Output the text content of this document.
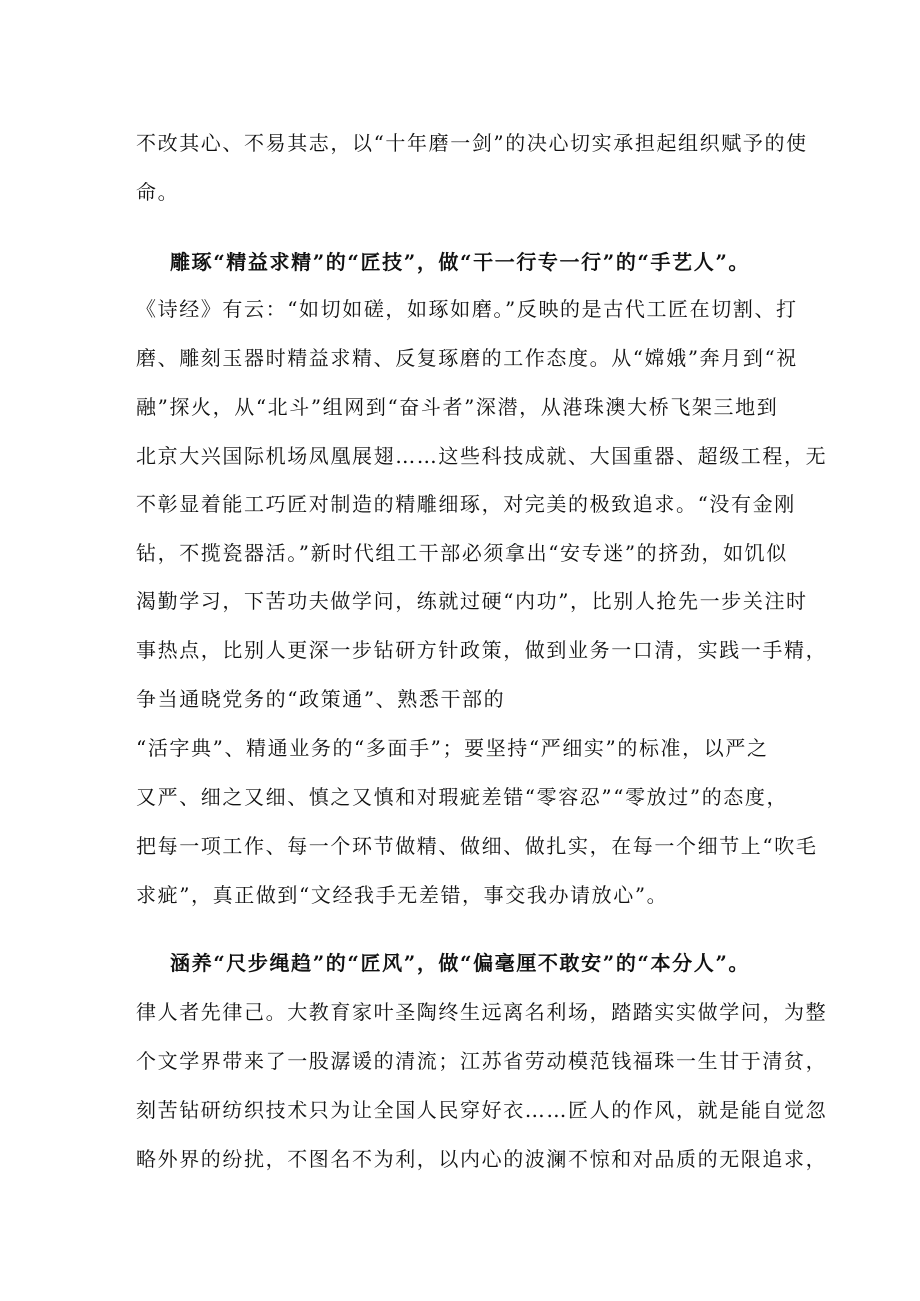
不改其心、不易其志，以“十年磨一剑”的决心切实承担起组织赋予的使
命。
雕琢“精益求精”的“匠技”，做“干一行专一行”的“手艺人”。
《诗经》有云：“如切如磋，如琢如磨。”反映的是古代工匠在切割、打
磨、雕刻玉器时精益求精、反复琢磨的工作态度。从“嫦娥”奔月到“祝
融”探火，从“北斗”组网到“奋斗者”深潜，从港珠澳大桥飞架三地到
北京大兴国际机场凤凰展翅……这些科技成就、大国重器、超级工程，无
不彰显着能工巧匠对制造的精雕细琢，对完美的极致追求。“没有金刚
钻，不揽瓷器活。”新时代组工干部必须拿出“安专迷”的挤劲，如饥似
渴勤学习，下苦功夫做学问，练就过硬“内功”，比别人抢先一步关注时
事热点，比别人更深一步钻研方针政策，做到业务一口清，实践一手精，
争当通晓党务的“政策通”、熟悉干部的
“活字典”、精通业务的“多面手”；要坚持“严细实”的标准，以严之
又严、细之又细、慎之又慎和对瑕疵差错“零容忍”“零放过”的态度，
把每一项工作、每一个环节做精、做细、做扎实，在每一个细节上“吹毛
求疵”，真正做到“文经我手无差错，事交我办请放心”。
涵养“尺步绳趋”的“匠风”，做“偏毫厘不敢安”的“本分人”。
律人者先律己。大教育家叶圣陶终生远离名利场，踏踏实实做学问，为整
个文学界带来了一股潺谖的清流；江苏省劳动模范钱福珠一生甘于清贫，
刻苦钻研纺织技术只为让全国人民穿好衣……匠人的作风，就是能自觉忽
略外界的纷扰，不图名不为利，以内心的波澜不惊和对品质的无限追求，
